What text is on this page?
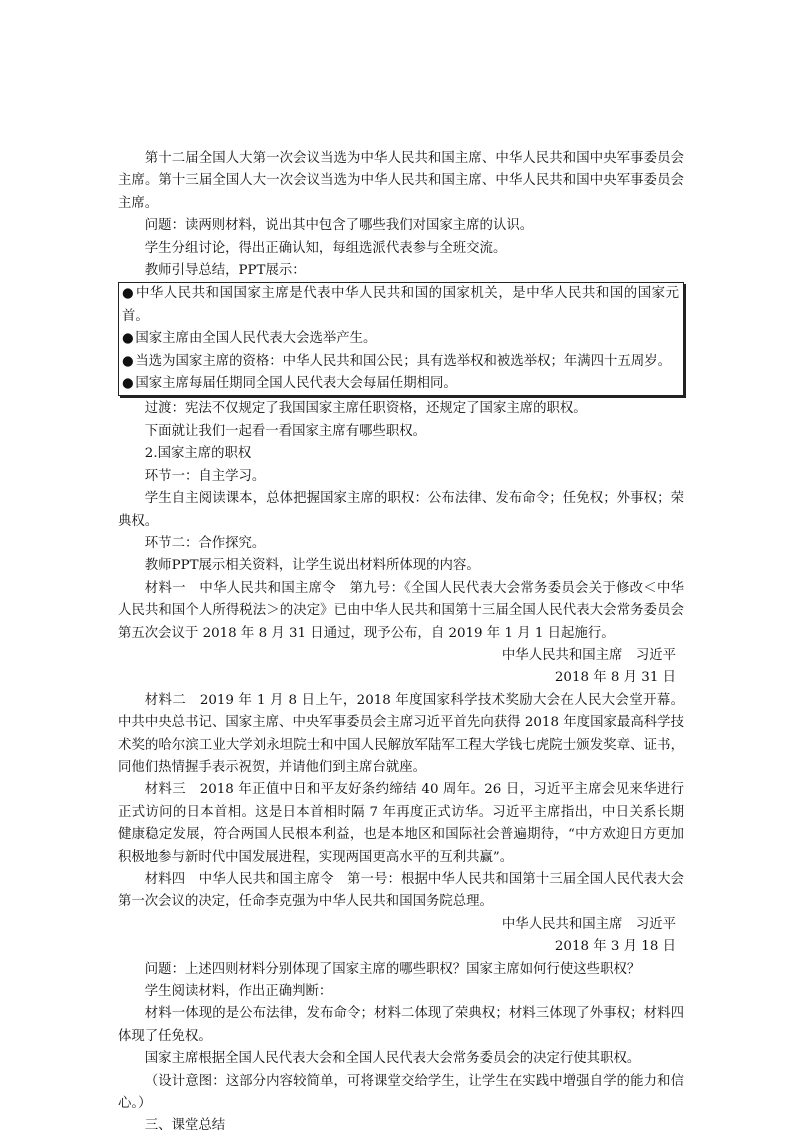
第十二届全国人大第一次会议当选为中华人民共和国主席、中华人民共和国中央军事委员会主席。第十三届全国人大一次会议当选为中华人民共和国主席、中华人民共和国中央军事委员会主席。

问题：读两则材料，说出其中包含了哪些我们对国家主席的认识。

学生分组讨论，得出正确认知，每组选派代表参与全班交流。

教师引导总结，PPT展示：

● 中华人民共和国国家主席是代表中华人民共和国的国家机关，是中华人民共和国的国家元首。

● 国家主席由全国人民代表大会选举产生。

● 当选为国家主席的资格：中华人民共和国公民；具有选举权和被选举权；年满四十五周岁。

● 国家主席每届任期同全国人民代表大会每届任期相同。

过渡：宪法不仅规定了我国国家主席任职资格，还规定了国家主席的职权。

下面就让我们一起看一看国家主席有哪些职权。

2.国家主席的职权

环节一：自主学习。

学生自主阅读课本，总体把握国家主席的职权：公布法律、发布命令；任免权；外事权；荣典权。

环节二：合作探究。

教师PPT展示相关资料，让学生说出材料所体现的内容。

材料一　中华人民共和国主席令　第九号：《全国人民代表大会常务委员会关于修改＜中华人民共和国个人所得税法＞的决定》已由中华人民共和国第十三届全国人民代表大会常务委员会第五次会议于 2018 年 8 月 31 日通过，现予公布，自 2019 年 1 月 1 日起施行。

中华人民共和国主席　习近平

2018 年 8 月 31 日

材料二　2019 年 1 月 8 日上午，2018 年度国家科学技术奖励大会在人民大会堂开幕。中共中央总书记、国家主席、中央军事委员会主席习近平首先向获得 2018 年度国家最高科学技术奖的哈尔滨工业大学刘永坦院士和中国人民解放军陆军工程大学钱七虎院士颁发奖章、证书，同他们热情握手表示祝贺，并请他们到主席台就座。

材料三　2018 年正值中日和平友好条约缔结 40 周年。26 日，习近平主席会见来华进行正式访问的日本首相。这是日本首相时隔 7 年再度正式访华。习近平主席指出，中日关系长期健康稳定发展，符合两国人民根本利益，也是本地区和国际社会普遍期待，“中方欢迎日方更加积极地参与新时代中国发展进程，实现两国更高水平的互利共赢”。

材料四　中华人民共和国主席令　第一号：根据中华人民共和国第十三届全国人民代表大会第一次会议的决定，任命李克强为中华人民共和国国务院总理。

中华人民共和国主席　习近平

2018 年 3 月 18 日

问题：上述四则材料分别体现了国家主席的哪些职权？国家主席如何行使这些职权？

学生阅读材料，作出正确判断：

材料一体现的是公布法律，发布命令；材料二体现了荣典权；材料三体现了外事权；材料四体现了任免权。

国家主席根据全国人民代表大会和全国人民代表大会常务委员会的决定行使其职权。

（设计意图：这部分内容较简单，可将课堂交给学生，让学生在实践中增强自学的能力和信心。）

三、课堂总结
